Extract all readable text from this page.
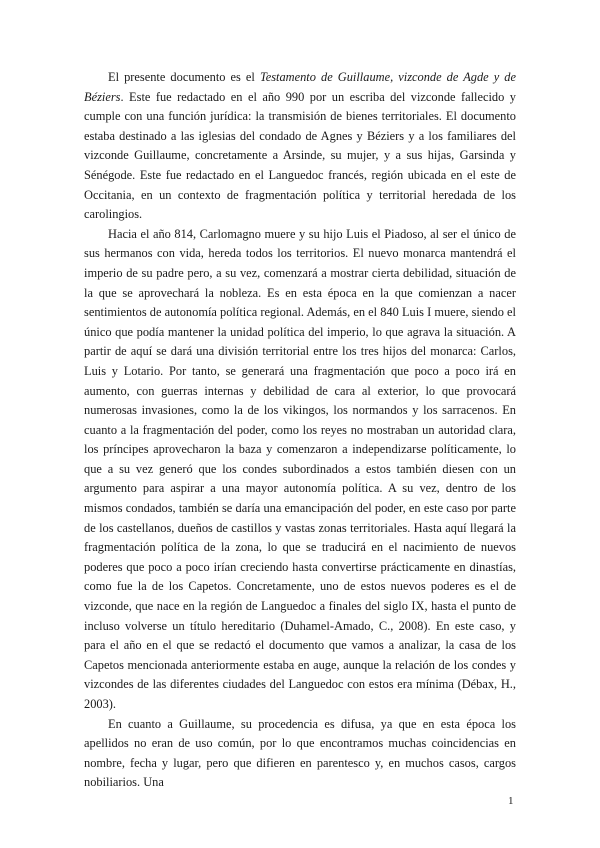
El presente documento es el Testamento de Guillaume, vizconde de Agde y de Béziers. Este fue redactado en el año 990 por un escriba del vizconde fallecido y cumple con una función jurídica: la transmisión de bienes territoriales. El documento estaba destinado a las iglesias del condado de Agnes y Béziers y a los familiares del vizconde Guillaume, concretamente a Arsinde, su mujer, y a sus hijas, Garsinda y Sénégode. Este fue redactado en el Languedoc francés, región ubicada en el este de Occitania, en un contexto de fragmentación política y territorial heredada de los carolingios.

Hacia el año 814, Carlomagno muere y su hijo Luis el Piadoso, al ser el único de sus hermanos con vida, hereda todos los territorios. El nuevo monarca mantendrá el imperio de su padre pero, a su vez, comenzará a mostrar cierta debilidad, situación de la que se aprovechará la nobleza. Es en esta época en la que comienzan a nacer sentimientos de autonomía política regional. Además, en el 840 Luis I muere, siendo el único que podía mantener la unidad política del imperio, lo que agrava la situación. A partir de aquí se dará una división territorial entre los tres hijos del monarca: Carlos, Luis y Lotario. Por tanto, se generará una fragmentación que poco a poco irá en aumento, con guerras internas y debilidad de cara al exterior, lo que provocará numerosas invasiones, como la de los vikingos, los normandos y los sarracenos. En cuanto a la fragmentación del poder, como los reyes no mostraban un autoridad clara, los príncipes aprovecharon la baza y comenzaron a independizarse políticamente, lo que a su vez generó que los condes subordinados a estos también diesen con un argumento para aspirar a una mayor autonomía política. A su vez, dentro de los mismos condados, también se daría una emancipación del poder, en este caso por parte de los castellanos, dueños de castillos y vastas zonas territoriales. Hasta aquí llegará la fragmentación política de la zona, lo que se traducirá en el nacimiento de nuevos poderes que poco a poco irían creciendo hasta convertirse prácticamente en dinastías, como fue la de los Capetos. Concretamente, uno de estos nuevos poderes es el de vizconde, que nace en la región de Languedoc a finales del siglo IX, hasta el punto de incluso volverse un título hereditario (Duhamel-Amado, C., 2008). En este caso, y para el año en el que se redactó el documento que vamos a analizar, la casa de los Capetos mencionada anteriormente estaba en auge, aunque la relación de los condes y vizcondes de las diferentes ciudades del Languedoc con estos era mínima (Débax, H., 2003).

En cuanto a Guillaume, su procedencia es difusa, ya que en esta época los apellidos no eran de uso común, por lo que encontramos muchas coincidencias en nombre, fecha y lugar, pero que difieren en parentesco y, en muchos casos, cargos nobiliarios. Una

1
